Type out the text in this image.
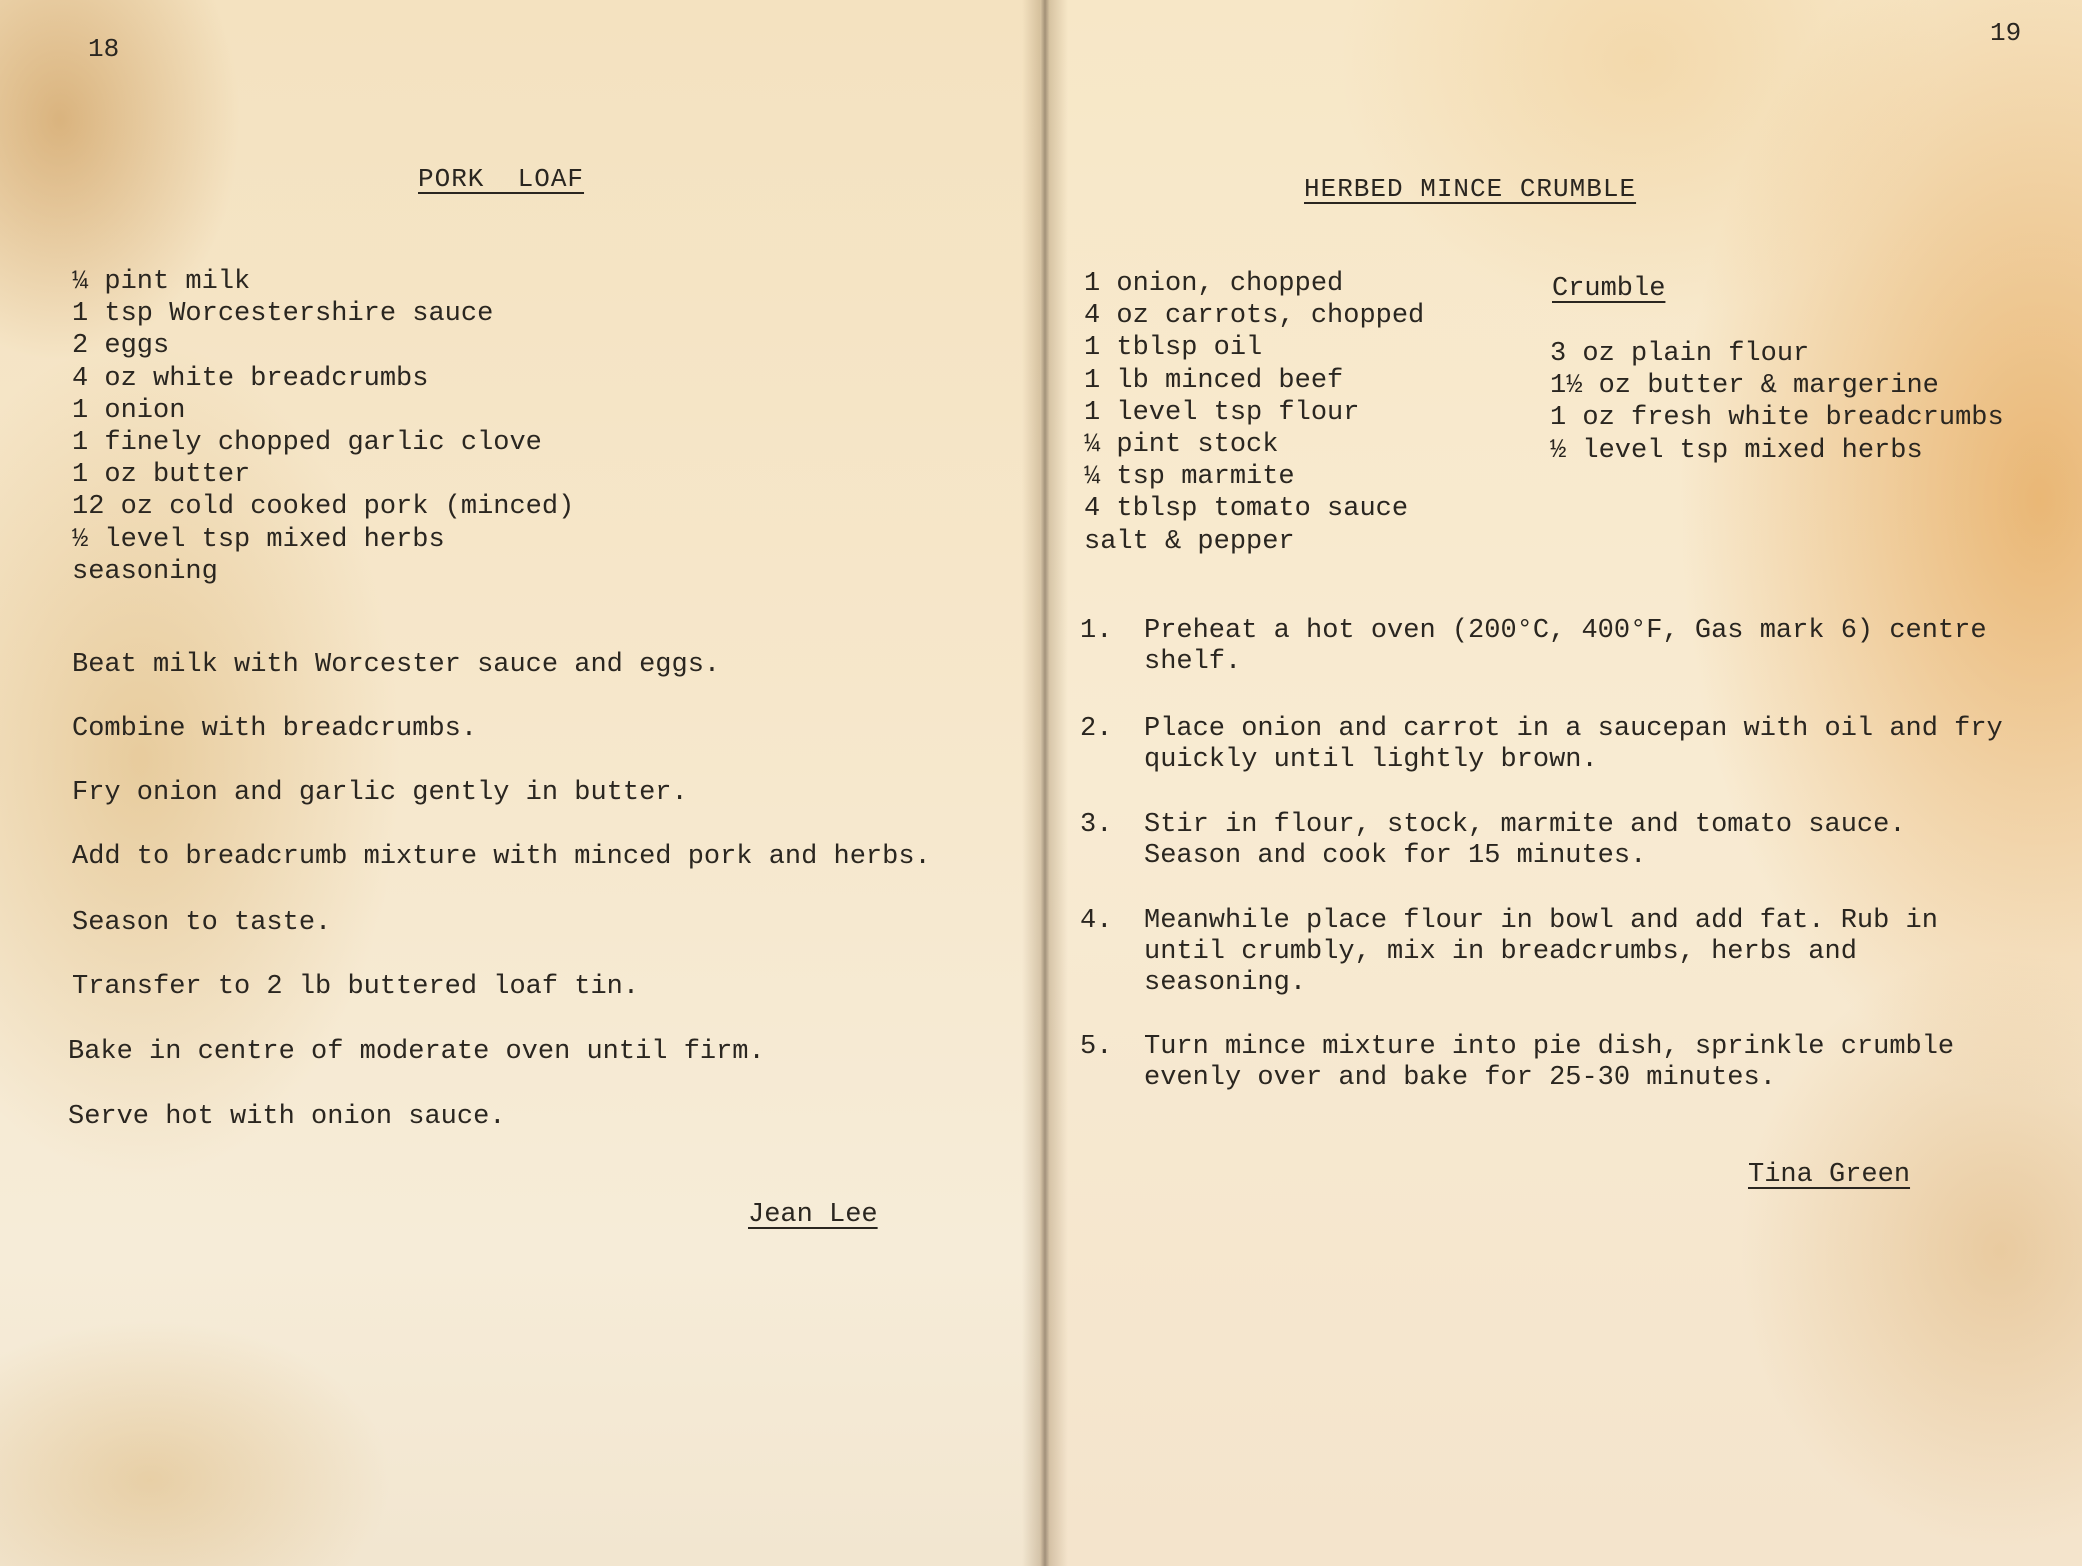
18
PORK  LOAF
¼ pint milk
1 tsp Worcestershire sauce
2 eggs
4 oz white breadcrumbs
1 onion
1 finely chopped garlic clove
1 oz butter
12 oz cold cooked pork (minced)
½ level tsp mixed herbs
seasoning
Beat milk with Worcester sauce and eggs.
Combine with breadcrumbs.
Fry onion and garlic gently in butter.
Add to breadcrumb mixture with minced pork and herbs.
Season to taste.
Transfer to 2 lb buttered loaf tin.
Bake in centre of moderate oven until firm.
Serve hot with onion sauce.
Jean Lee
19
HERBED MINCE CRUMBLE
1 onion, chopped
4 oz carrots, chopped
1 tblsp oil
1 lb minced beef
1 level tsp flour
¼ pint stock
¼ tsp marmite
4 tblsp tomato sauce
salt & pepper
Crumble
3 oz plain flour
1½ oz butter & margerine
1 oz fresh white breadcrumbs
½ level tsp mixed herbs
1.	Preheat a hot oven (200°C, 400°F, Gas mark 6) centre shelf.
2.	Place onion and carrot in a saucepan with oil and fry quickly until lightly brown.
3.	Stir in flour, stock, marmite and tomato sauce. Season and cook for 15 minutes.
4.	Meanwhile place flour in bowl and add fat. Rub in until crumbly, mix in breadcrumbs, herbs and seasoning.
5.	Turn mince mixture into pie dish, sprinkle crumble evenly over and bake for 25-30 minutes.
Tina Green
